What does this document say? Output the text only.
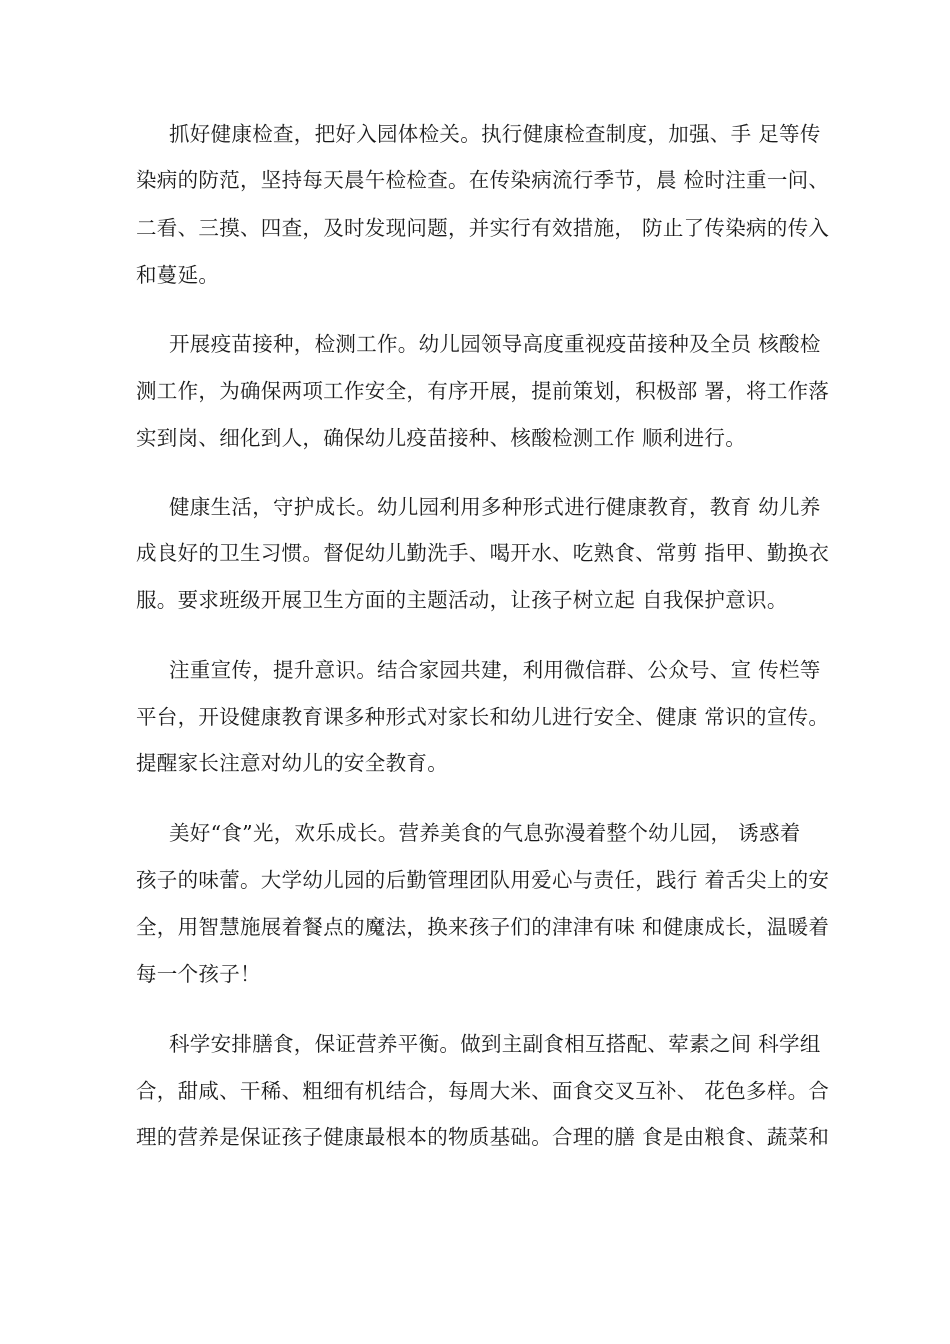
抓好健康检查，把好入园体检关。执行健康检查制度，加强、手 足等传
染病的防范，坚持每天晨午检检查。在传染病流行季节，晨 检时注重一问、
二看、三摸、四查，及时发现问题，并实行有效措施， 防止了传染病的传入
和蔓延。
开展疫苗接种，检测工作。幼儿园领导高度重视疫苗接种及全员 核酸检
测工作，为确保两项工作安全，有序开展，提前策划，积极部 署，将工作落
实到岗、细化到人，确保幼儿疫苗接种、核酸检测工作 顺利进行。
健康生活，守护成长。幼儿园利用多种形式进行健康教育，教育 幼儿养
成良好的卫生习惯。督促幼儿勤洗手、喝开水、吃熟食、常剪 指甲、勤换衣
服。要求班级开展卫生方面的主题活动，让孩子树立起 自我保护意识。
注重宣传，提升意识。结合家园共建，利用微信群、公众号、宣 传栏等
平台，开设健康教育课多种形式对家长和幼儿进行安全、健康 常识的宣传。
提醒家长注意对幼儿的安全教育。
美好“食”光，欢乐成长。营养美食的气息弥漫着整个幼儿园， 诱惑着
孩子的味蕾。大学幼儿园的后勤管理团队用爱心与责任，践行 着舌尖上的安
全，用智慧施展着餐点的魔法，换来孩子们的津津有味 和健康成长，温暖着
每一个孩子！
科学安排膳食，保证营养平衡。做到主副食相互搭配、荤素之间 科学组
合，甜咸、干稀、粗细有机结合，每周大米、面食交叉互补、 花色多样。合
理的营养是保证孩子健康最根本的物质基础。合理的膳 食是由粮食、蔬菜和
